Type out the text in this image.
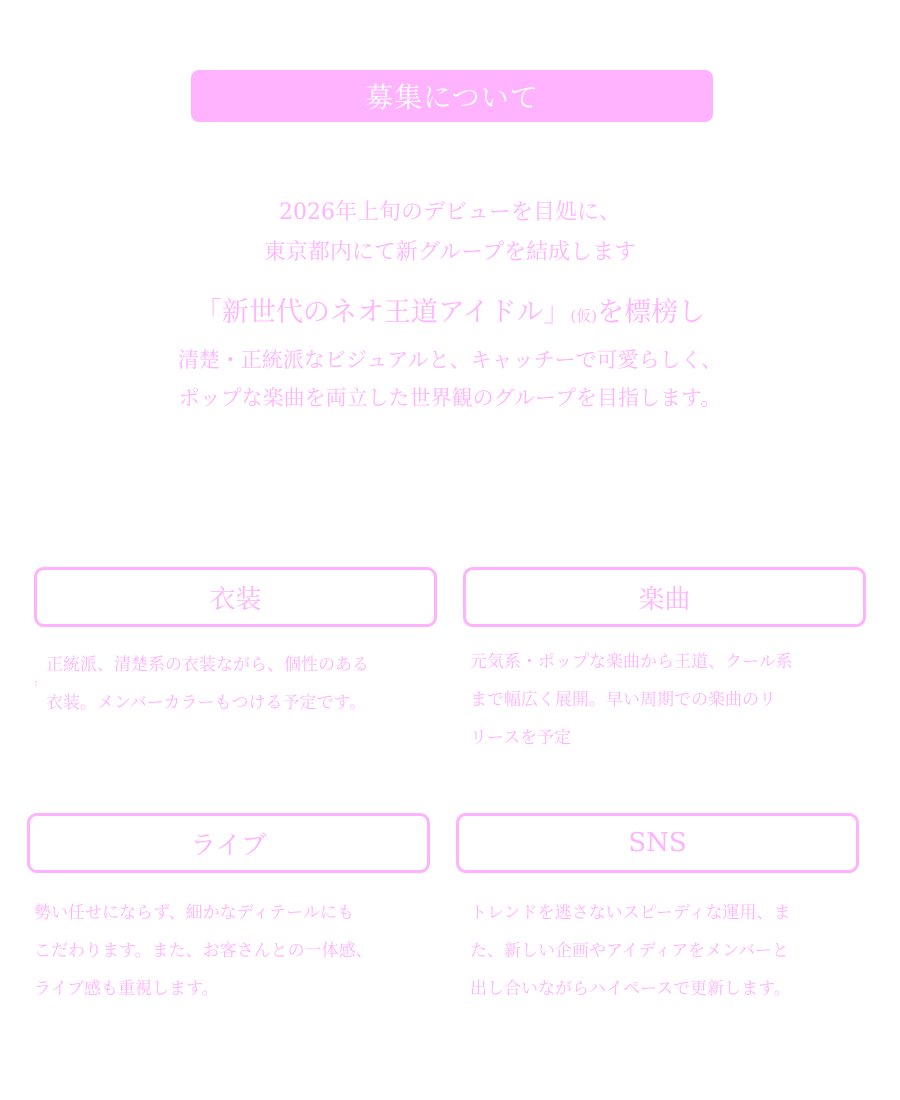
募集について
2026年上旬のデビューを目処に、
東京都内にて新グループを結成します
「新世代のネオ王道アイドル」(仮)を標榜し
清楚・正統派なビジュアルと、キャッチーで可愛らしく、
ポップな楽曲を両立した世界観のグループを目指します。
衣装
:
正統派、清楚系の衣装ながら、個性のある
衣装。メンバーカラーもつける予定です。
楽曲
元気系・ポップな楽曲から王道、クール系
まで幅広く展開。早い周期での楽曲のリ
リースを予定
ライブ
勢い任せにならず、細かなディテールにも
こだわります。また、お客さんとの一体感、
ライブ感も重視します。
SNS
トレンドを逃さないスピーディな運用、ま
た、新しい企画やアイディアをメンバーと
出し合いながらハイペースで更新します。
